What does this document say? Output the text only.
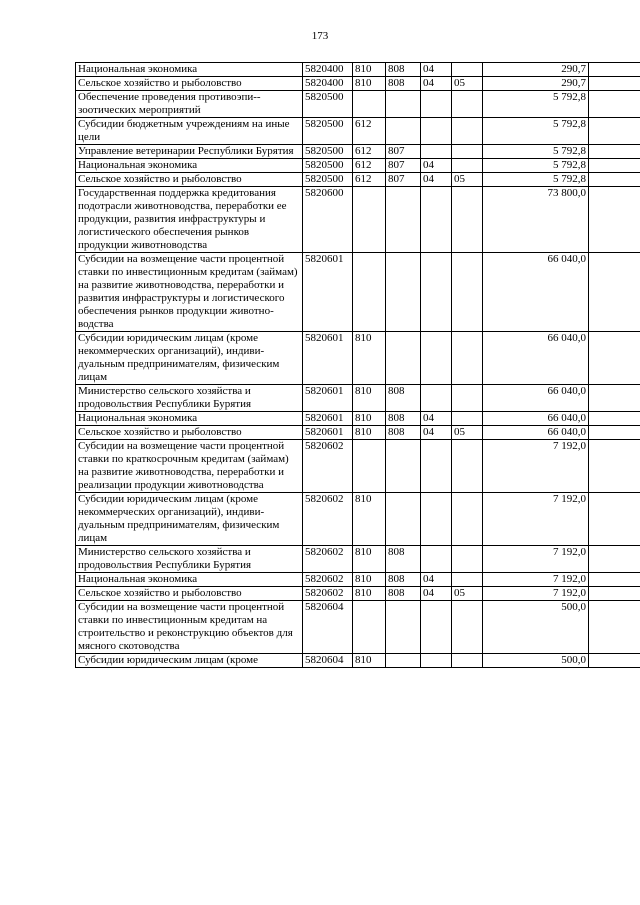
173
Национальная экономика	5820400	810	808	04		290,7	
Сельское хозяйство и рыболовство	5820400	810	808	04	05	290,7	
Обеспечение проведения противоэпи-зоотических мероприятий	5820500					5 792,8	
Субсидии бюджетным учреждениям на иные цели	5820500	612				5 792,8	
Управление ветеринарии Республики Бурятия	5820500	612	807			5 792,8	
Национальная экономика	5820500	612	807	04		5 792,8	
Сельское хозяйство и рыболовство	5820500	612	807	04	05	5 792,8	
Государственная поддержка кредитования подотрасли животноводства, переработки ее продукции, развития инфраструктуры и логистического обеспечения рынков продукции животноводства	5820600					73 800,0	
Субсидии на возмещение части процентной ставки по инвестиционным кредитам (займам) на развитие животноводства, переработки и развития инфраструктуры и логистического обеспечения рынков продукции животноводства	5820601					66 040,0	
Субсидии юридическим лицам (кроме некоммерческих организаций), индивидуальным предпринимателям, физическим лицам	5820601	810				66 040,0	
Министерство сельского хозяйства и продовольствия Республики Бурятия	5820601	810	808			66 040,0	
Национальная экономика	5820601	810	808	04		66 040,0	
Сельское хозяйство и рыболовство	5820601	810	808	04	05	66 040,0	
Субсидии на возмещение части процентной ставки по краткосрочным кредитам (займам) на развитие животноводства, переработки и реализации продукции животноводства	5820602					7 192,0	
Субсидии юридическим лицам (кроме некоммерческих организаций), индивидуальным предпринимателям, физическим лицам	5820602	810				7 192,0	
Министерство сельского хозяйства и продовольствия Республики Бурятия	5820602	810	808			7 192,0	
Национальная экономика	5820602	810	808	04		7 192,0	
Сельское хозяйство и рыболовство	5820602	810	808	04	05	7 192,0	
Субсидии на возмещение части процентной ставки по инвестиционным кредитам на строительство и реконструкцию объектов для мясного скотоводства	5820604					500,0	
Субсидии юридическим лицам (кроме	5820604	810				500,0	
